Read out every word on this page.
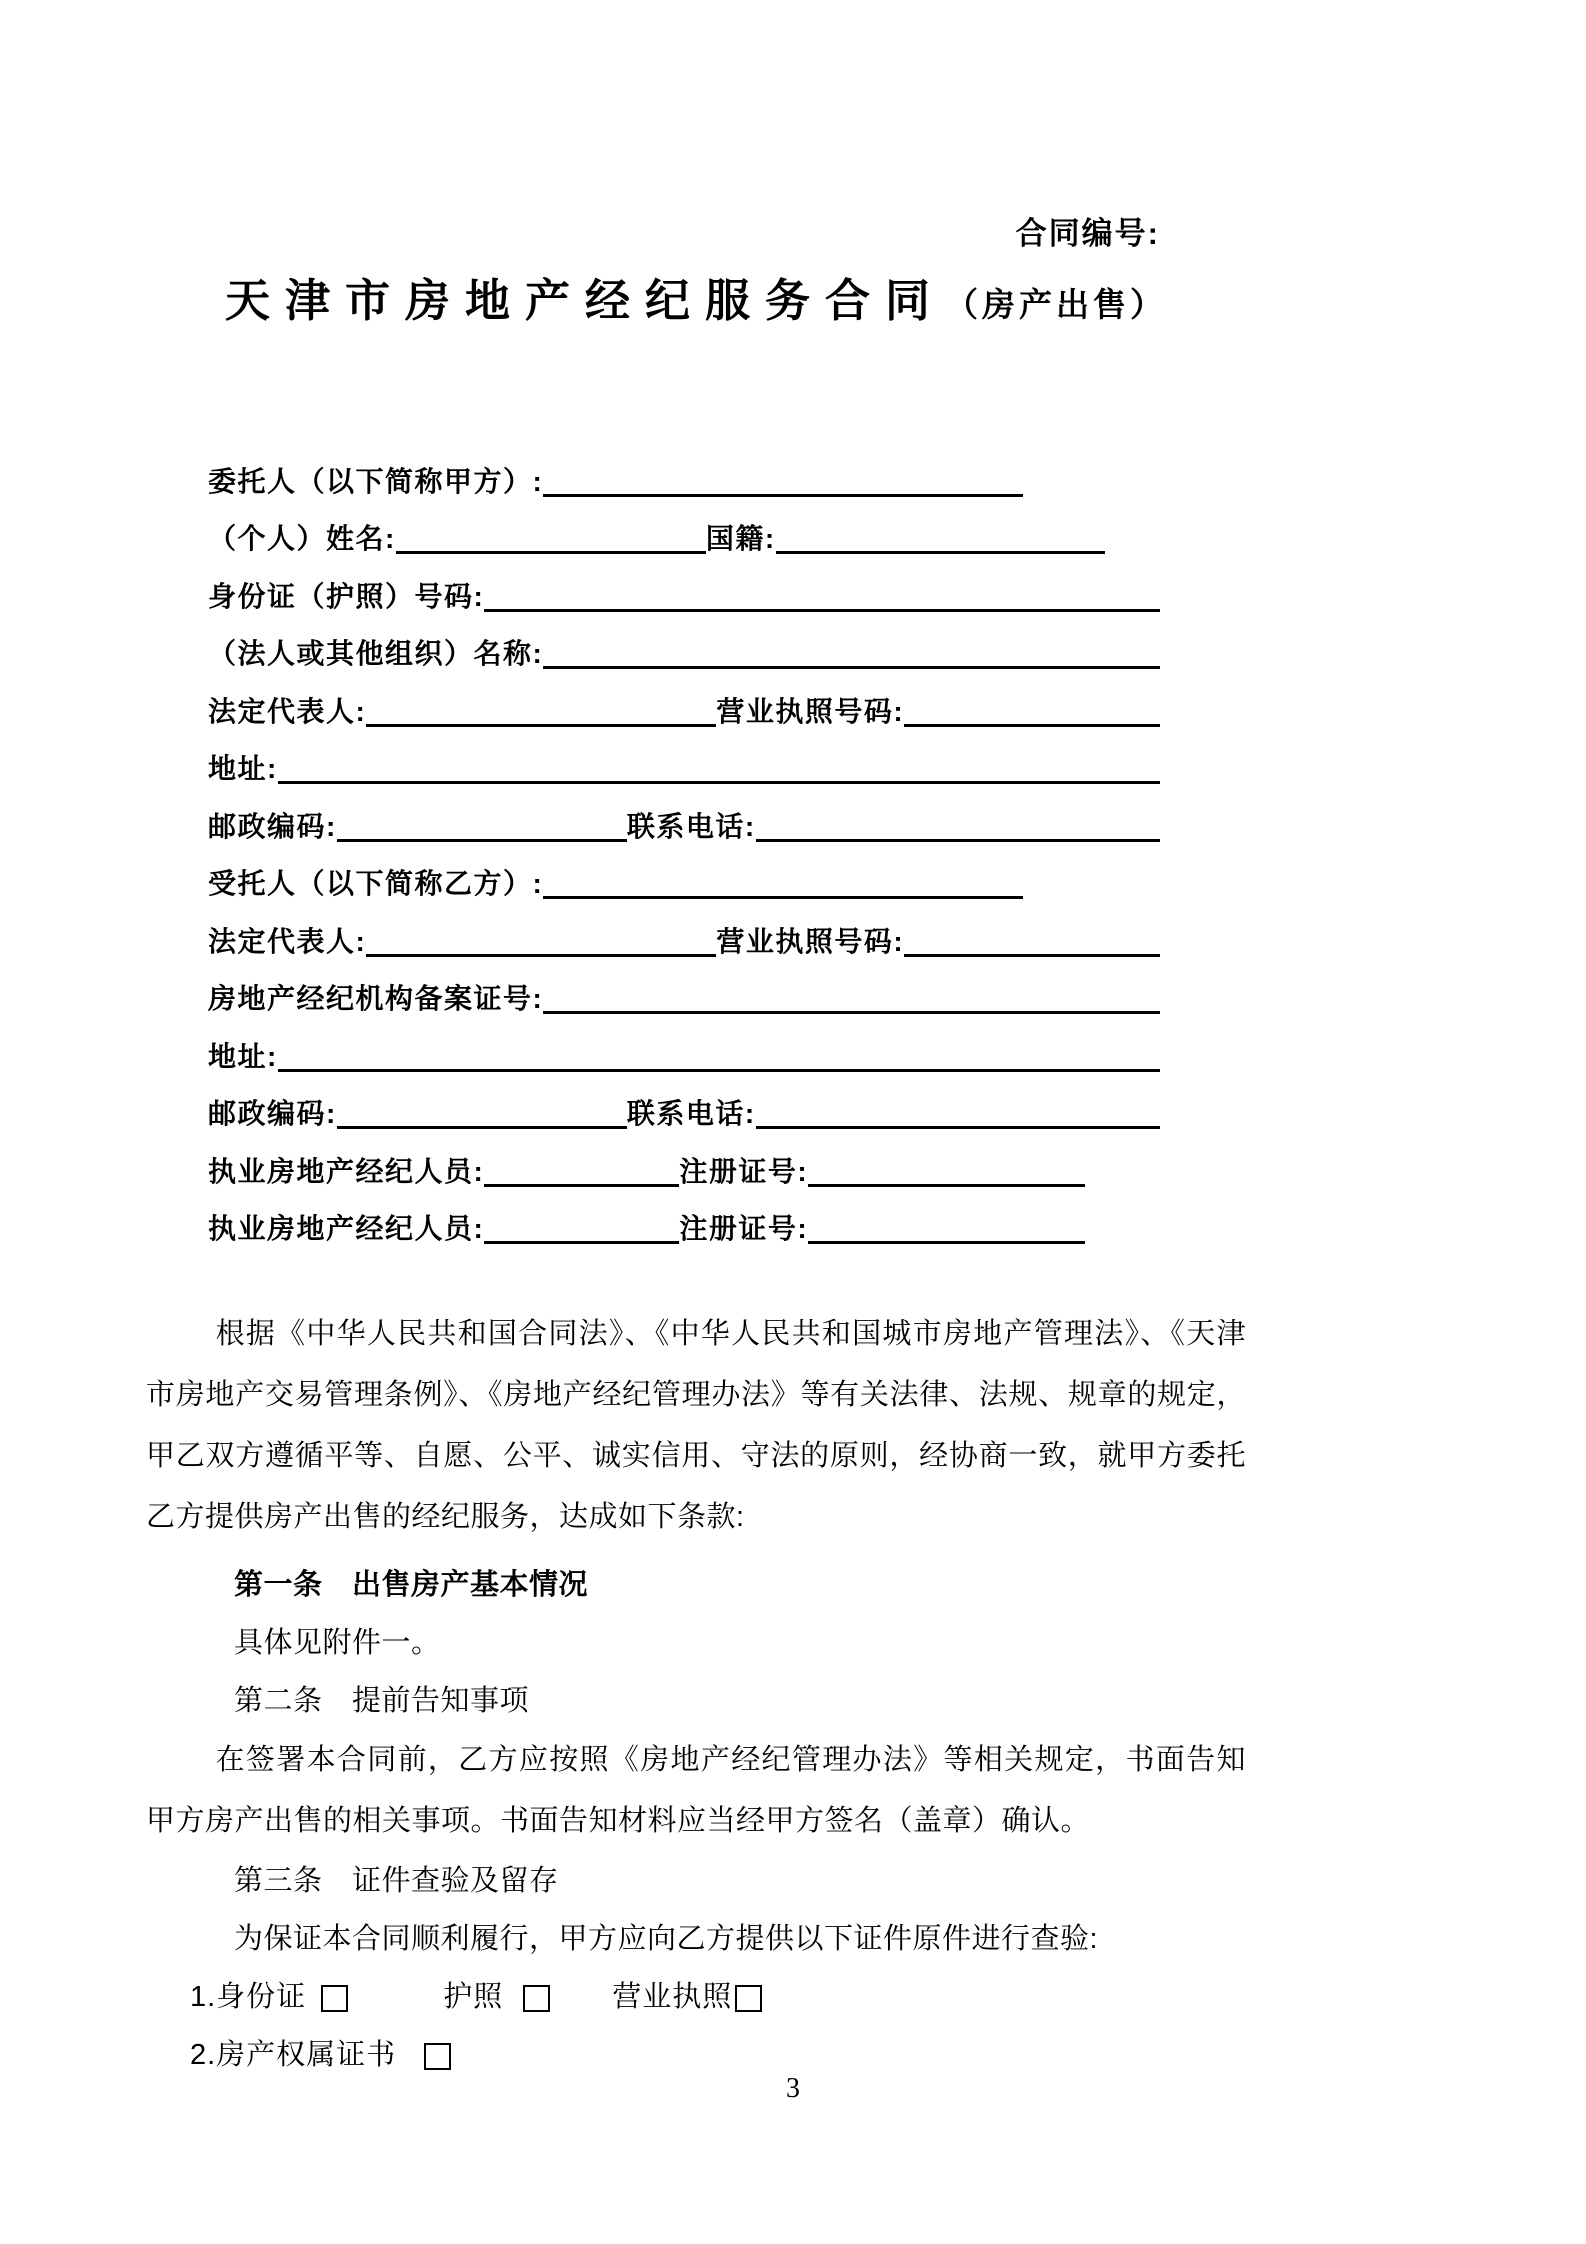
合同编号:
天津市房地产经纪服务合同（房产出售）
委托人（以下简称甲方）:
（个人）姓名:	国籍:
身份证（护照）号码:
（法人或其他组织）名称:
法定代表人:	营业执照号码:
地址:
邮政编码:	联系电话:
受托人（以下简称乙方）:
法定代表人:	营业执照号码:
房地产经纪机构备案证号:
地址:
邮政编码:	联系电话:
执业房地产经纪人员:	注册证号:
执业房地产经纪人员:	注册证号:
根据《中华人民共和国合同法》、《中华人民共和国城市房地产管理法》、《天津市房地产交易管理条例》、《房地产经纪管理办法》等有关法律、法规、规章的规定，甲乙双方遵循平等、自愿、公平、诚实信用、守法的原则，经协商一致，就甲方委托乙方提供房产出售的经纪服务，达成如下条款:
第一条　出售房产基本情况
具体见附件一。
第二条　提前告知事项
在签署本合同前，乙方应按照《房地产经纪管理办法》等相关规定，书面告知甲方房产出售的相关事项。书面告知材料应当经甲方签名（盖章）确认。
第三条　证件查验及留存
为保证本合同顺利履行，甲方应向乙方提供以下证件原件进行查验:
1.身份证	护照	营业执照
2.房产权属证书
3
